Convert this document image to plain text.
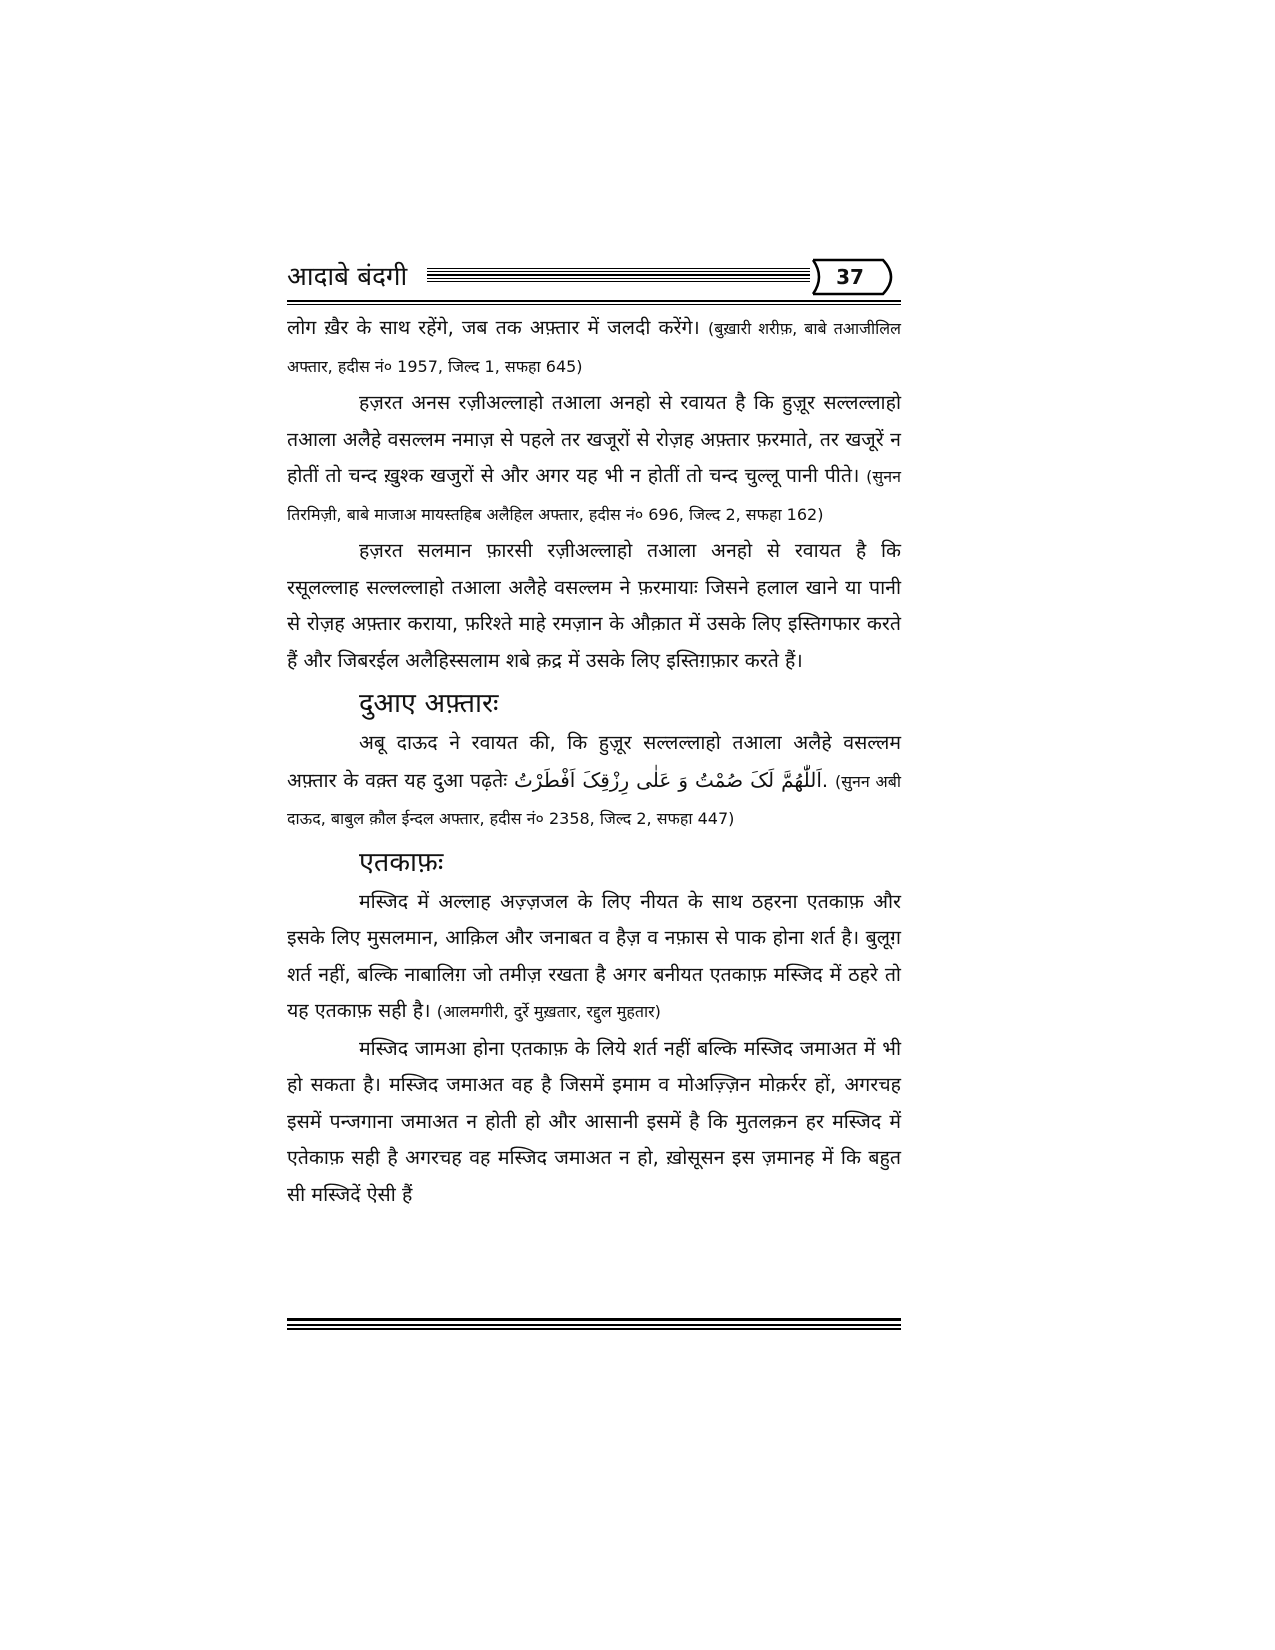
आदाबे बंदगी	37

लोग ख़ैर के साथ रहेंगे, जब तक अफ़्तार में जलदी करेंगे। (बुख़ारी शरीफ़, बाबे तआजीलिल अफ्तार, हदीस नं० 1957, जिल्द 1, सफहा 645)

हज़रत अनस रज़ीअल्लाहो तआला अनहो से रवायत है कि हुज़ूर सल्लल्लाहो तआला अलैहे वसल्लम नमाज़ से पहले तर खजूरों से रोज़ह अफ़्तार फ़रमाते, तर खजूरें न होतीं तो चन्द ख़ुश्क खजुरों से और अगर यह भी न होतीं तो चन्द चुल्लू पानी पीते। (सुनन तिरमिज़ी, बाबे माजाअ मायस्तहिब अलैहिल अफ्तार, हदीस नं० 696, जिल्द 2, सफहा 162)

हज़रत सलमान फ़ारसी रज़ीअल्लाहो तआला अनहो से रवायत है कि रसूलल्लाह सल्लल्लाहो तआला अलैहे वसल्लम ने फ़रमायाः जिसने हलाल खाने या पानी से रोज़ह अफ़्तार कराया, फ़रिश्ते माहे रमज़ान के औक़ात में उसके लिए इस्तिगफार करते हैं और जिबरईल अलैहिस्सलाम शबे क़द्र में उसके लिए इस्तिग़फ़ार करते हैं।

दुआए अफ़्तारः

अबू दाऊद ने रवायत की, कि हुज़ूर सल्लल्लाहो तआला अलैहे वसल्लम अफ़्तार के वक़्त यह दुआ पढ़तेः اَللّٰھُمَّ لَکَ صُمْتُ وَ عَلٰی رِزْقِکَ اَفْطَرْتُ. (सुनन अबी दाऊद, बाबुल क़ौल ईन्दल अफ्तार, हदीस नं० 2358, जिल्द 2, सफहा 447)

एतकाफ़ः

मस्जिद में अल्लाह अज़्ज़जल के लिए नीयत के साथ ठहरना एतकाफ़ और इसके लिए मुसलमान, आक़िल और जनाबत व हैज़ व नफ़ास से पाक होना शर्त है। बुलूग़ शर्त नहीं, बल्कि नाबालिग़ जो तमीज़ रखता है अगर बनीयत एतकाफ़ मस्जिद में ठहरे तो यह एतकाफ़ सही है। (आलमगीरी, दुर्रे मुख़तार, रद्दुल मुहतार)

मस्जिद जामआ होना एतकाफ़ के लिये शर्त नहीं बल्कि मस्जिद जमाअत में भी हो सकता है। मस्जिद जमाअत वह है जिसमें इमाम व मोअज़्ज़िन मोक़र्रर हों, अगरचह इसमें पन्जगाना जमाअत न होती हो और आसानी इसमें है कि मुतलक़न हर मस्जिद में एतेकाफ़ सही है अगरचह वह मस्जिद जमाअत न हो, ख़ोसूसन इस ज़मानह में कि बहुत सी मस्जिदें ऐसी हैं
